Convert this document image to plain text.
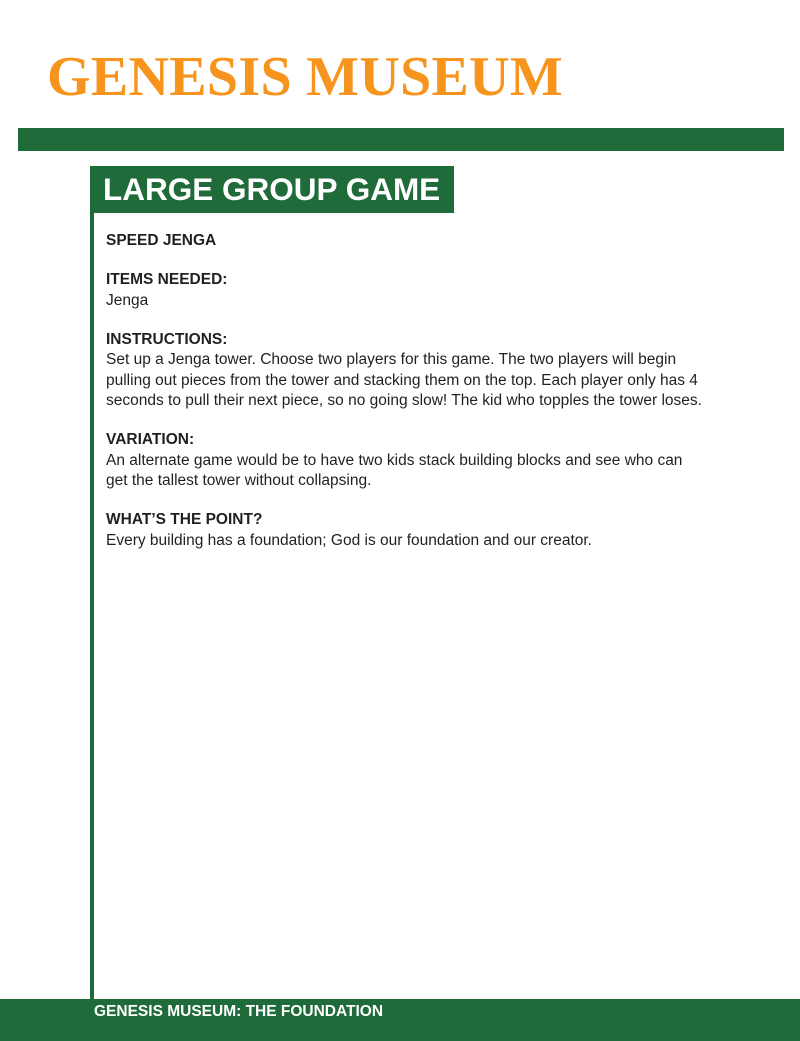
GENESIS MUSEUM
LARGE GROUP GAME

SPEED JENGA

ITEMS NEEDED:

Jenga

INSTRUCTIONS:

Set up a Jenga tower. Choose two players for this game. The two players will begin

pulling out pieces from the tower and stacking them on the top. Each player only has 4

seconds to pull their next piece, so no going slow! The kid who topples the tower loses.

VARIATION:

An alternate game would be to have two kids stack building blocks and see who can

get the tallest tower without collapsing.

WHAT’S THE POINT?

Every building has a foundation; God is our foundation and our creator.

GENESIS MUSEUM: THE FOUNDATION
